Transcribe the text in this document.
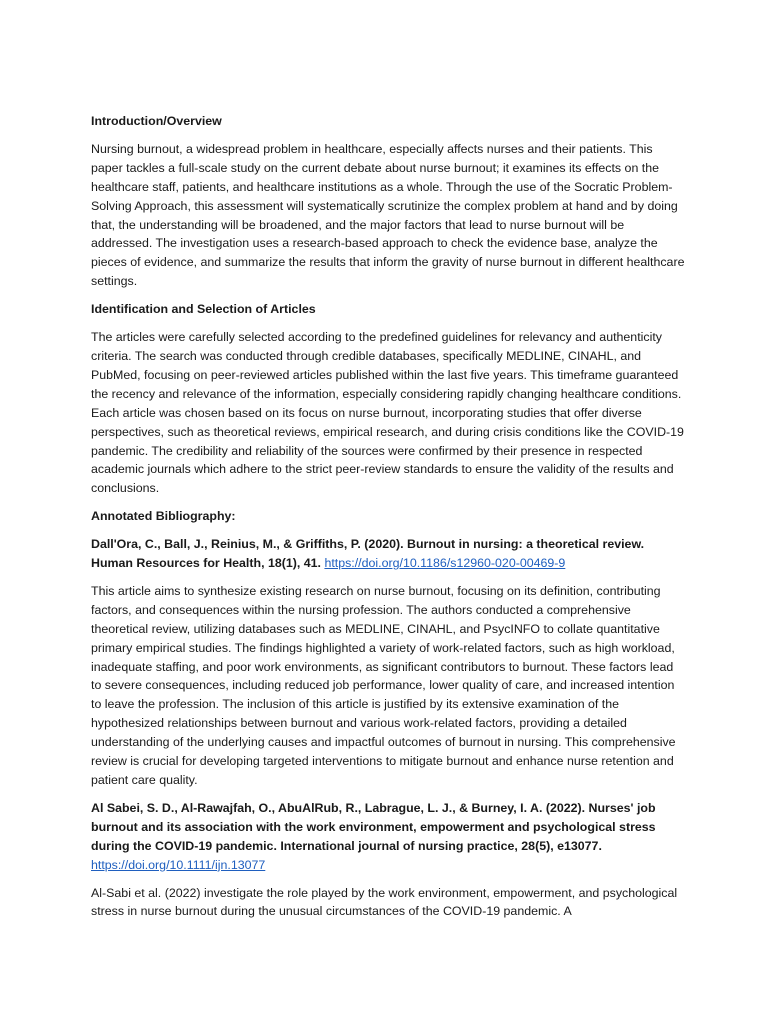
Introduction/Overview

Nursing burnout, a widespread problem in healthcare, especially affects nurses and their patients. This paper tackles a full-scale study on the current debate about nurse burnout; it examines its effects on the healthcare staff, patients, and healthcare institutions as a whole. Through the use of the Socratic Problem-Solving Approach, this assessment will systematically scrutinize the complex problem at hand and by doing that, the understanding will be broadened, and the major factors that lead to nurse burnout will be addressed. The investigation uses a research-based approach to check the evidence base, analyze the pieces of evidence, and summarize the results that inform the gravity of nurse burnout in different healthcare settings.

Identification and Selection of Articles

The articles were carefully selected according to the predefined guidelines for relevancy and authenticity criteria. The search was conducted through credible databases, specifically MEDLINE, CINAHL, and PubMed, focusing on peer-reviewed articles published within the last five years. This timeframe guaranteed the recency and relevance of the information, especially considering rapidly changing healthcare conditions. Each article was chosen based on its focus on nurse burnout, incorporating studies that offer diverse perspectives, such as theoretical reviews, empirical research, and during crisis conditions like the COVID-19 pandemic. The credibility and reliability of the sources were confirmed by their presence in respected academic journals which adhere to the strict peer-review standards to ensure the validity of the results and conclusions.

Annotated Bibliography:

Dall'Ora, C., Ball, J., Reinius, M., & Griffiths, P. (2020). Burnout in nursing: a theoretical review. Human Resources for Health, 18(1), 41. https://doi.org/10.1186/s12960-020-00469-9

This article aims to synthesize existing research on nurse burnout, focusing on its definition, contributing factors, and consequences within the nursing profession. The authors conducted a comprehensive theoretical review, utilizing databases such as MEDLINE, CINAHL, and PsycINFO to collate quantitative primary empirical studies. The findings highlighted a variety of work-related factors, such as high workload, inadequate staffing, and poor work environments, as significant contributors to burnout. These factors lead to severe consequences, including reduced job performance, lower quality of care, and increased intention to leave the profession. The inclusion of this article is justified by its extensive examination of the hypothesized relationships between burnout and various work-related factors, providing a detailed understanding of the underlying causes and impactful outcomes of burnout in nursing. This comprehensive review is crucial for developing targeted interventions to mitigate burnout and enhance nurse retention and patient care quality.

Al Sabei, S. D., Al-Rawajfah, O., AbuAlRub, R., Labrague, L. J., & Burney, I. A. (2022). Nurses' job burnout and its association with the work environment, empowerment and psychological stress during the COVID-19 pandemic. International journal of nursing practice, 28(5), e13077. https://doi.org/10.1111/ijn.13077

Al-Sabi et al. (2022) investigate the role played by the work environment, empowerment, and psychological stress in nurse burnout during the unusual circumstances of the COVID-19 pandemic. A
